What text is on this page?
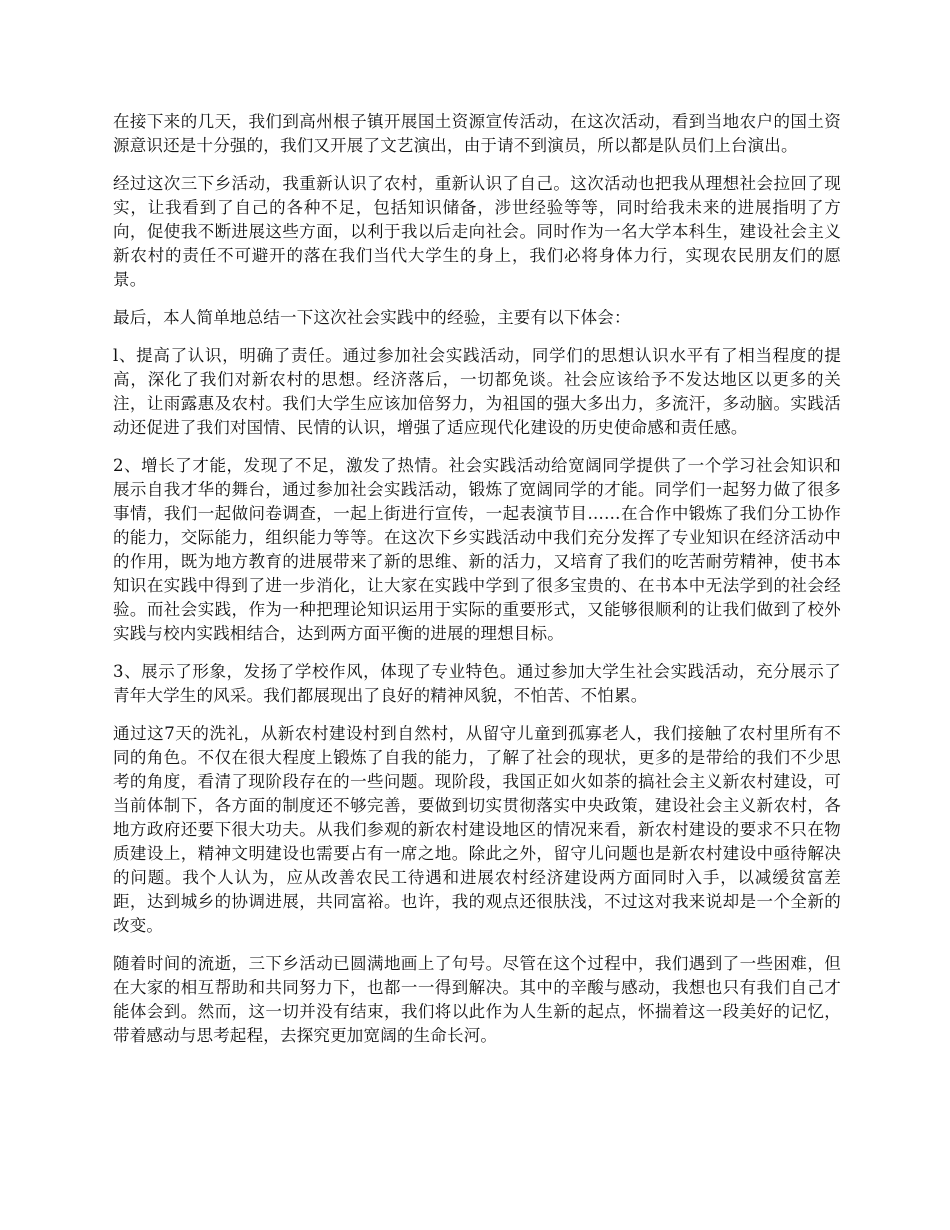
在接下来的几天，我们到高州根子镇开展国土资源宣传活动，在这次活动，看到当地农户的国土资源意识还是十分强的，我们又开展了文艺演出，由于请不到演员，所以都是队员们上台演出。

经过这次三下乡活动，我重新认识了农村，重新认识了自己。这次活动也把我从理想社会拉回了现实，让我看到了自己的各种不足，包括知识储备，涉世经验等等，同时给我未来的进展指明了方向，促使我不断进展这些方面，以利于我以后走向社会。同时作为一名大学本科生，建设社会主义新农村的责任不可避开的落在我们当代大学生的身上，我们必将身体力行，实现农民朋友们的愿景。

最后，本人简单地总结一下这次社会实践中的经验，主要有以下体会：

l、提高了认识，明确了责任。通过参加社会实践活动，同学们的思想认识水平有了相当程度的提高，深化了我们对新农村的思想。经济落后，一切都免谈。社会应该给予不发达地区以更多的关注，让雨露惠及农村。我们大学生应该加倍努力，为祖国的强大多出力，多流汗，多动脑。实践活动还促进了我们对国情、民情的认识，增强了适应现代化建设的历史使命感和责任感。

2、增长了才能，发现了不足，激发了热情。社会实践活动给宽阔同学提供了一个学习社会知识和展示自我才华的舞台，通过参加社会实践活动，锻炼了宽阔同学的才能。同学们一起努力做了很多事情，我们一起做问卷调查，一起上街进行宣传，一起表演节目……在合作中锻炼了我们分工协作的能力，交际能力，组织能力等等。在这次下乡实践活动中我们充分发挥了专业知识在经济活动中的作用，既为地方教育的进展带来了新的思维、新的活力，又培育了我们的吃苦耐劳精神，使书本知识在实践中得到了进一步消化，让大家在实践中学到了很多宝贵的、在书本中无法学到的社会经验。而社会实践，作为一种把理论知识运用于实际的重要形式，又能够很顺利的让我们做到了校外实践与校内实践相结合，达到两方面平衡的进展的理想目标。

3、展示了形象，发扬了学校作风，体现了专业特色。通过参加大学生社会实践活动，充分展示了青年大学生的风采。我们都展现出了良好的精神风貌，不怕苦、不怕累。

通过这7天的洗礼，从新农村建设村到自然村，从留守儿童到孤寡老人，我们接触了农村里所有不同的角色。不仅在很大程度上锻炼了自我的能力，了解了社会的现状，更多的是带给的我们不少思考的角度，看清了现阶段存在的一些问题。现阶段，我国正如火如荼的搞社会主义新农村建设，可当前体制下，各方面的制度还不够完善，要做到切实贯彻落实中央政策，建设社会主义新农村，各地方政府还要下很大功夫。从我们参观的新农村建设地区的情况来看，新农村建设的要求不只在物质建设上，精神文明建设也需要占有一席之地。除此之外，留守儿问题也是新农村建设中亟待解决的问题。我个人认为，应从改善农民工待遇和进展农村经济建设两方面同时入手，以减缓贫富差距，达到城乡的协调进展，共同富裕。也许，我的观点还很肤浅，不过这对我来说却是一个全新的改变。

随着时间的流逝，三下乡活动已圆满地画上了句号。尽管在这个过程中，我们遇到了一些困难，但在大家的相互帮助和共同努力下，也都一一得到解决。其中的辛酸与感动，我想也只有我们自己才能体会到。然而，这一切并没有结束，我们将以此作为人生新的起点，怀揣着这一段美好的记忆，带着感动与思考起程，去探究更加宽阔的生命长河。
